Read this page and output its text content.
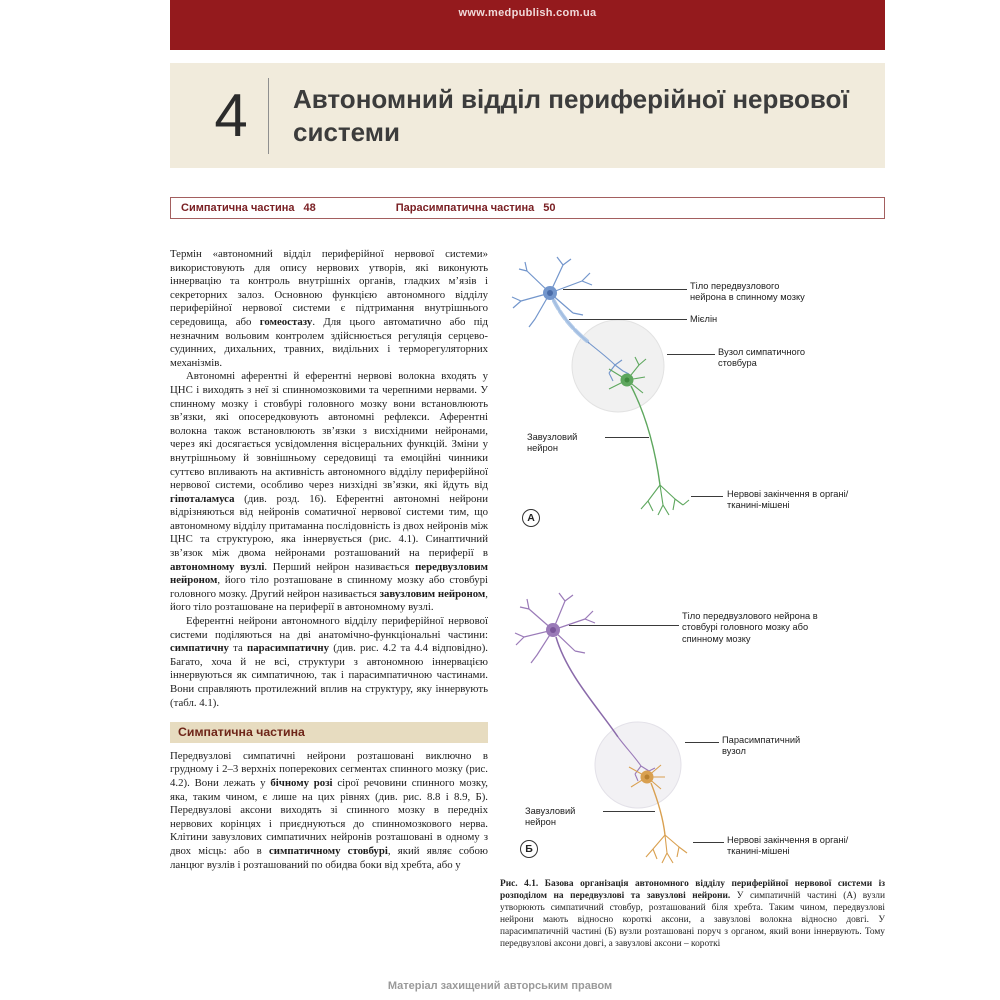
www.medpublish.com.ua
4	Автономний відділ периферійної нервової системи
Симпатична частина 48	Парасимпатична частина 50

Термін «автономний відділ периферійної нервової системи» використовують для опису нервових утворів, які виконують іннервацію та контроль внутрішніх органів, гладких м’язів і секреторних залоз. Основною функцією автономного відділу периферійної нервової системи є підтримання внутрішнього середовища, або гомеостазу. Для цього автоматично або під незначним вольовим контролем здійснюється регуляція серцево-судинних, дихальних, травних, видільних і терморегуляторних механізмів.

Автономні аферентні й еферентні нервові волокна входять у ЦНС і виходять з неї зі спинномозковими та черепними нервами. У спинному мозку і стовбурі головного мозку вони встановлюють зв’язки, які опосередковують автономні рефлекси. Аферентні волокна також встановлюють зв’язки з висхідними нейронами, через які досягається усвідомлення вісцеральних функцій. Зміни у внутрішньому й зовнішньому середовищі та емоційні чинники суттєво впливають на активність автономного відділу периферійної нервової системи, особливо через низхідні зв’язки, які йдуть від гіпоталамуса (див. розд. 16). Еферентні автономні нейрони відрізняються від нейронів соматичної нервової системи тим, що автономному відділу притаманна послідовність із двох нейронів між ЦНС та структурою, яка іннервується (рис. 4.1). Синаптичний зв’язок між двома нейронами розташований на периферії в автономному вузлі. Перший нейрон називається передвузловим нейроном, його тіло розташоване в спинному мозку або стовбурі головного мозку. Другий нейрон називається завузловим нейроном, його тіло розташоване на периферії в автономному вузлі.

Еферентні нейрони автономного відділу периферійної нервової системи поділяються на дві анатомічно-функціональні частини: симпатичну та парасимпатичну (див. рис. 4.2 та 4.4 відповідно). Багато, хоча й не всі, структури з автономною іннервацією іннервуються як симпатичною, так і парасимпатичною частинами. Вони справляють протилежний вплив на структуру, яку іннервують (табл. 4.1).

Симпатична частина

Передвузлові симпатичні нейрони розташовані виключно в грудному і 2–3 верхніх поперекових сегментах спинного мозку (рис. 4.2). Вони лежать у бічному розі сірої речовини спинного мозку, яка, таким чином, є лише на цих рівнях (див. рис. 8.8 і 8.9, Б). Передвузлові аксони виходять зі спинного мозку в передніх нервових корінцях і приєднуються до спинномозкового нерва. Клітини завузлових симпатичних нейронів розташовані в одному з двох місць: або в симпатичному стовбурі, який являє собою ланцюг вузлів і розташований по обидва боки від хребта, або у

Тіло передвузлового нейрона в спинному мозку
Мієлін
Вузол симпатичного стовбура
Завузловий нейрон
Нервові закінчення в органі/тканині-мішені
А
Тіло передвузлового нейрона в стовбурі головного мозку або спинному мозку
Парасимпатичний вузол
Завузловий нейрон
Нервові закінчення в органі/тканині-мішені
Б

Рис. 4.1. Базова організація автономного відділу периферійної нервової системи із розподілом на передвузлові та завузлові нейрони. У симпатичній частині (А) вузли утворюють симпатичний стовбур, розташований біля хребта. Таким чином, передвузлові нейрони мають відносно короткі аксони, а завузлові волокна відносно довгі. У парасимпатичній частині (Б) вузли розташовані поруч з органом, який вони іннервують. Тому передвузлові аксони довгі, а завузлові аксони – короткі

Матеріал захищений авторським правом
